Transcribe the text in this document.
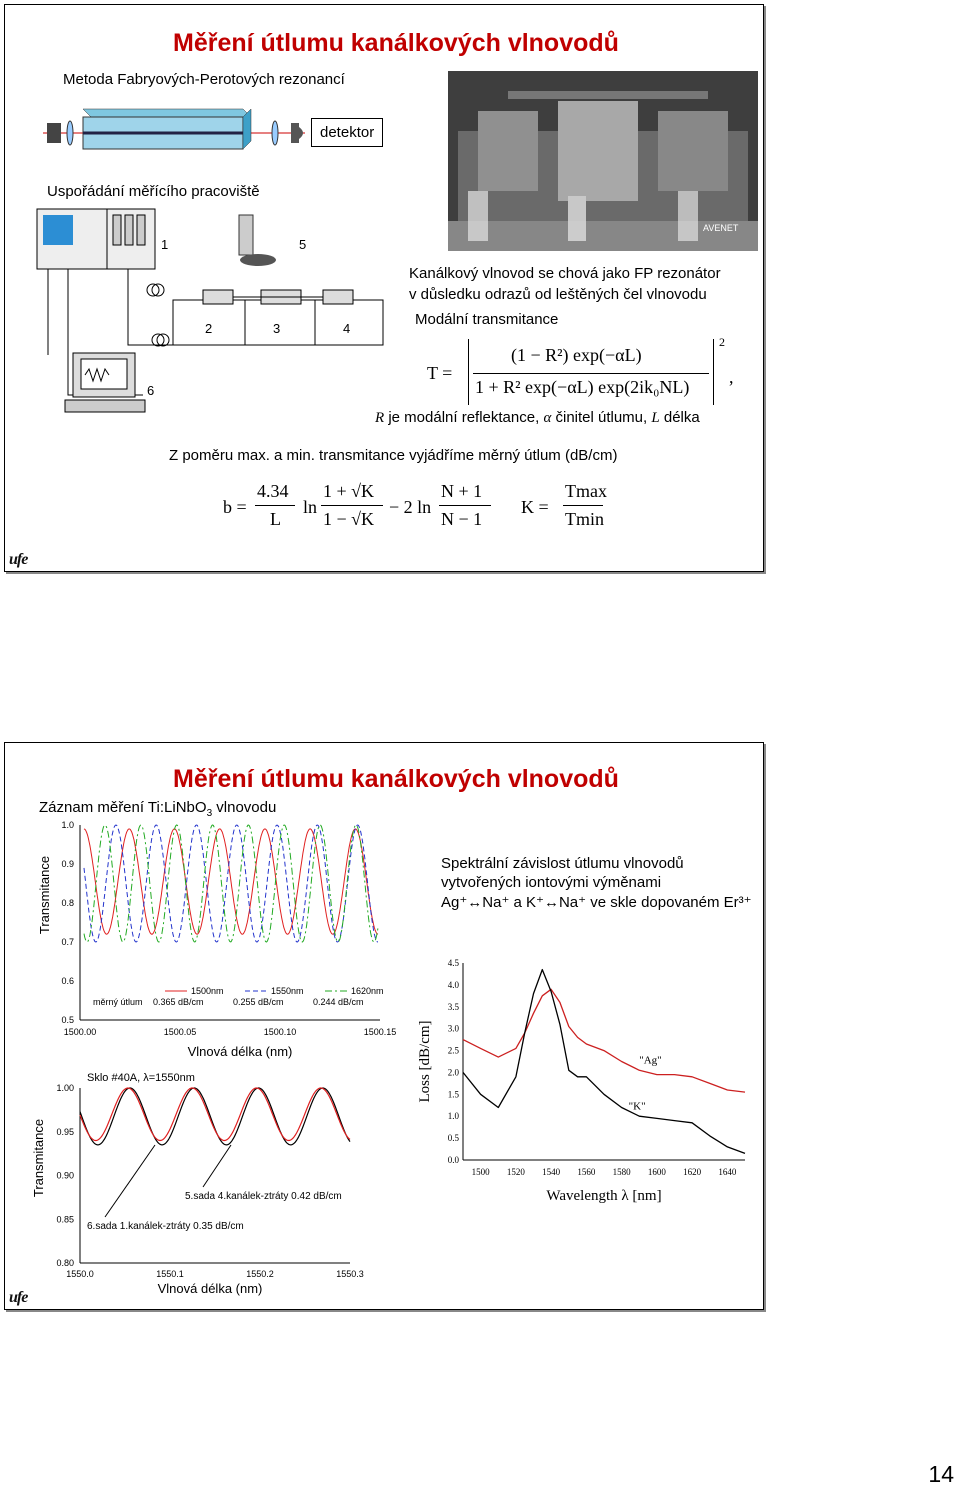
Měření útlumu kanálkových vlnovodů
Metoda Fabryových-Perotových rezonancí
detektor
AVENET
Uspořádání měřícího pracoviště
1	5
2	3	4
6
Kanálkový vlnovod se chová jako FP rezonátor
v důsledku odrazů od leštěných čel vlnovodu
Modální transmitance
T =
(1 − R²) exp(−αL)
1 + R² exp(−αL) exp(2ik₀NL)
2
,
R je modální reflektance, α činitel útlumu, L délka
Z poměru max. a min. transmitance vyjádříme měrný útlum (dB/cm)
b =
4.34
L
ln
1 + √K
1 − √K
− 2 ln
N + 1
N − 1
K =
Tmax
Tmin
ufe
Měření útlumu kanálkových vlnovodů
Záznam měření Ti:LiNbO$_3$ vlnovodu
1.0
0.9
0.8
0.7
0.6
0.5
1500.00	1500.05	1500.10	1500.15
Vlnová délka (nm)
Transmitance
měrný útlum
1500nm
0.365 dB/cm
1550nm
0.255 dB/cm
1620nm
0.244 dB/cm
1.00
0.95
0.90
0.85
0.80
1550.0	1550.1	1550.2	1550.3
Vlnová délka (nm)
Transmitance
Sklo #40A, λ=1550nm
5.sada 4.kanálek-ztráty 0.42 dB/cm
6.sada 1.kanálek-ztráty 0.35 dB/cm
Spektrální závislost útlumu vlnovodů
vytvořených iontovými výměnami
Ag⁺↔Na⁺ a K⁺↔Na⁺ ve skle dopovaném Er³⁺
4.5
4.0
3.5
3.0
2.5
2.0
1.5
1.0
0.5
0.0
1500 1520 1540 1560 1580 1600 1620 1640
Wavelength λ [nm]
Loss [dB/cm]	"Ag"
"K"
ufe
14
